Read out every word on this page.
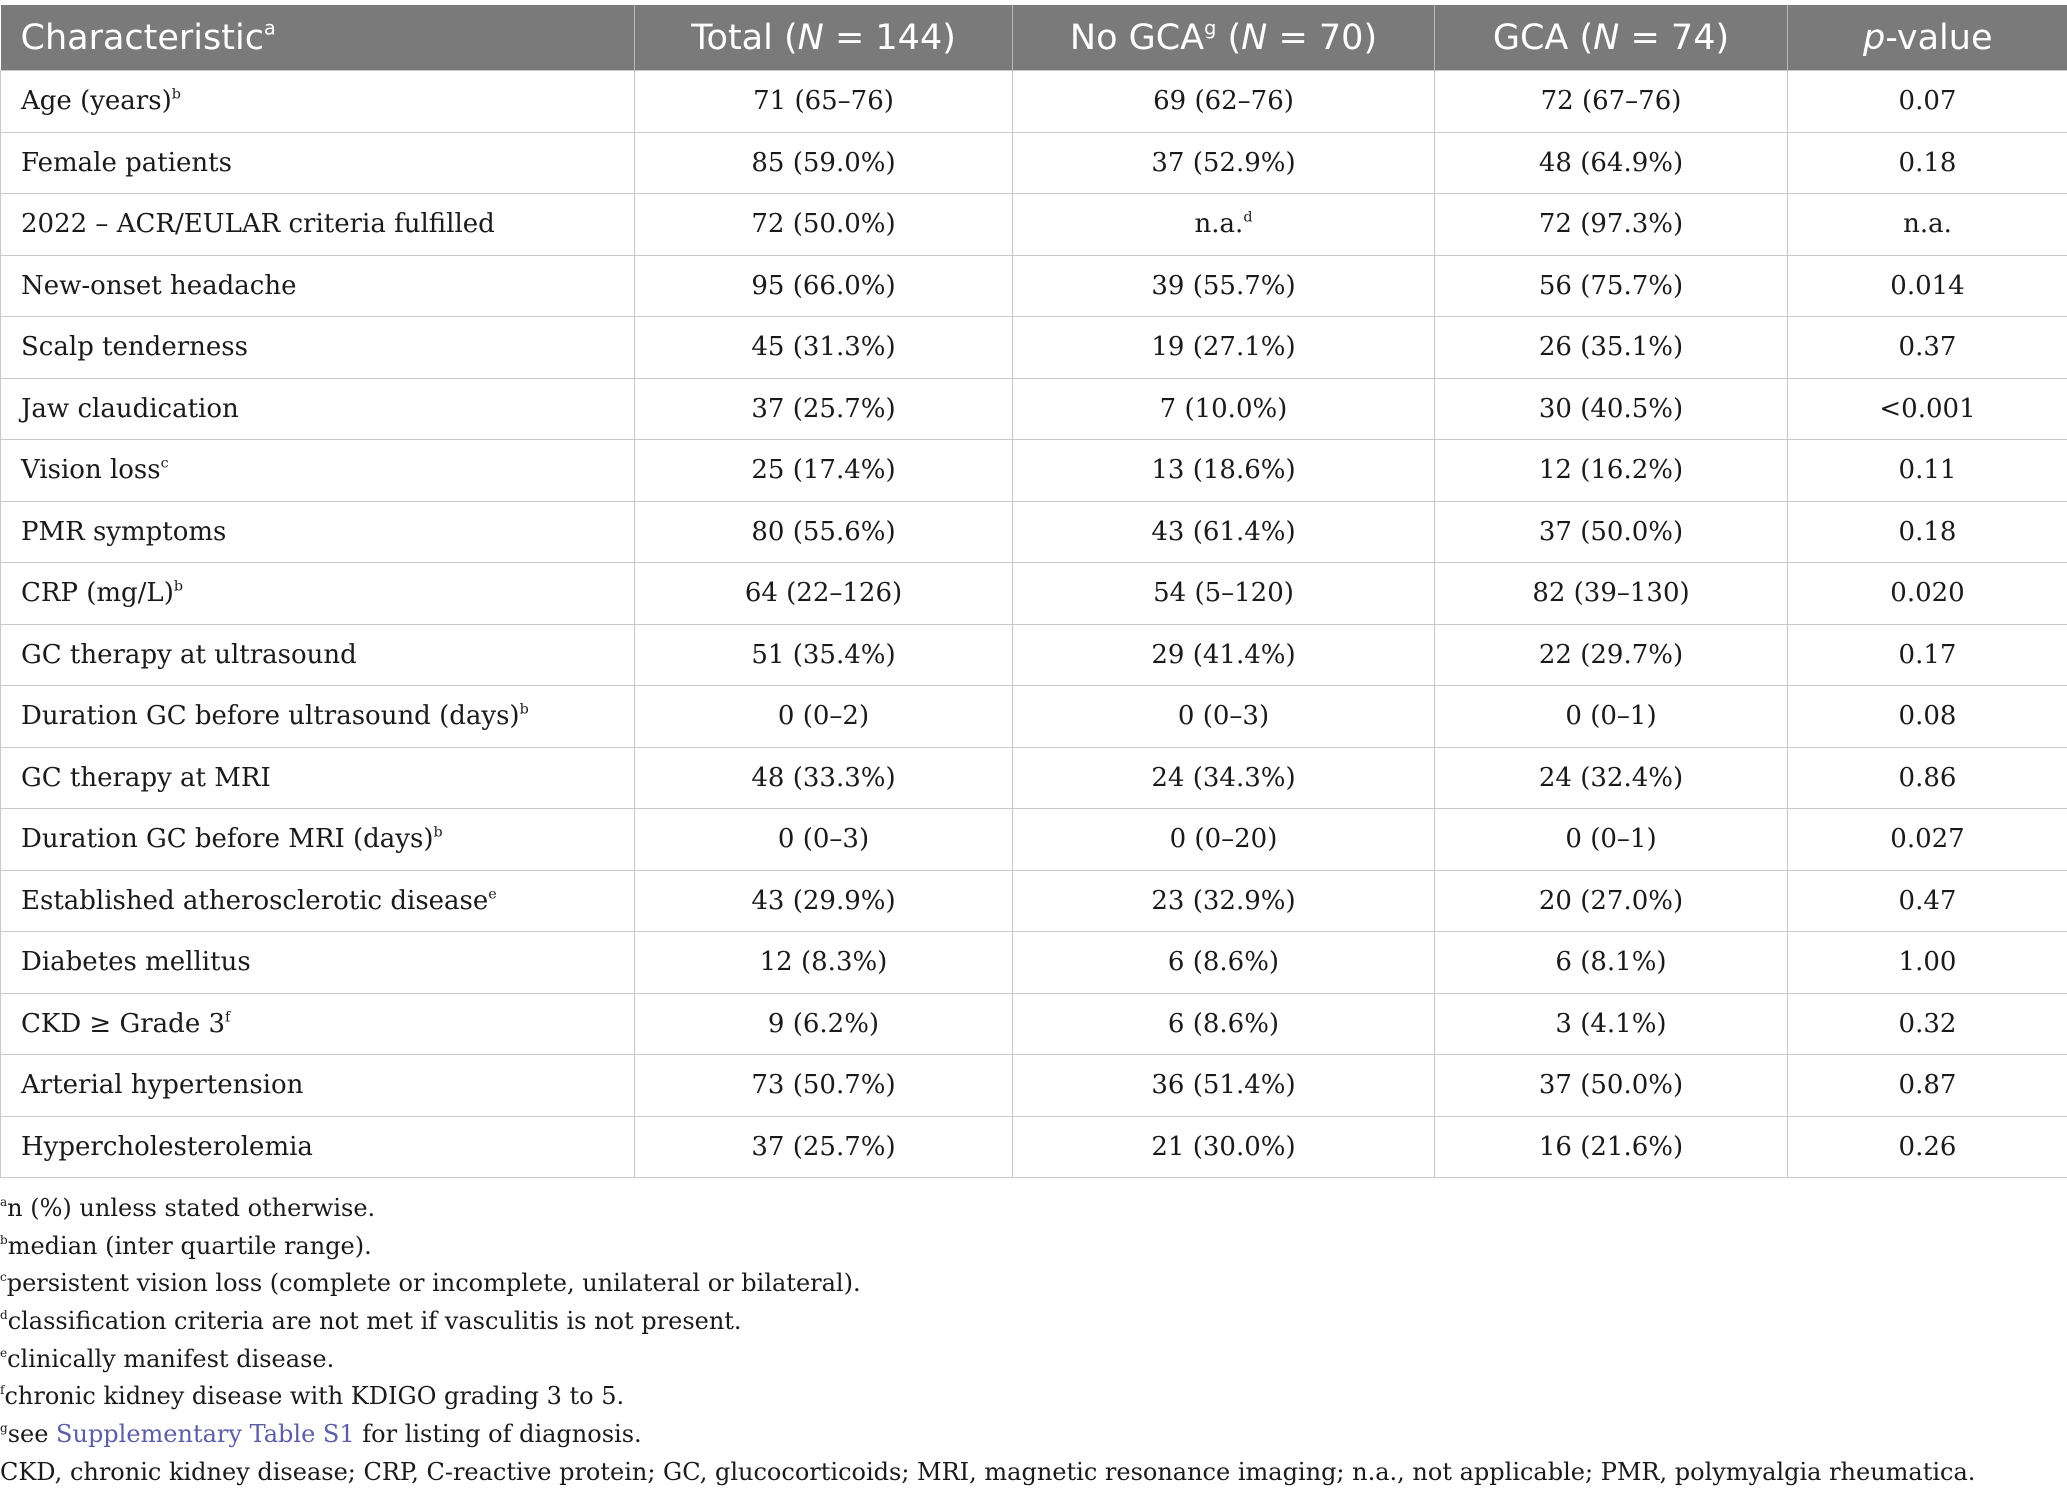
Characteristic$^a$	Total (N = 144)	No GCA$^g$ (N = 70)	GCA (N = 74)	p-value
Age (years)$^b$	71 (65–76)	69 (62–76)	72 (67–76)	0.07
Female patients	85 (59.0%)	37 (52.9%)	48 (64.9%)	0.18
2022 – ACR/EULAR criteria fulfilled	72 (50.0%)	n.a.$^d$	72 (97.3%)	n.a.
New-onset headache	95 (66.0%)	39 (55.7%)	56 (75.7%)	0.014
Scalp tenderness	45 (31.3%)	19 (27.1%)	26 (35.1%)	0.37
Jaw claudication	37 (25.7%)	7 (10.0%)	30 (40.5%)	<0.001
Vision loss$^c$	25 (17.4%)	13 (18.6%)	12 (16.2%)	0.11
PMR symptoms	80 (55.6%)	43 (61.4%)	37 (50.0%)	0.18
CRP $(mg/L)^b$	64 (22–126)	54 (5–120)	82 (39–130)	0.020
GC therapy at ultrasound	51 (35.4%)	29 (41.4%)	22 (29.7%)	0.17
Duration GC before ultrasound (days)$^b$	0 (0–2)	0 (0–3)	0 (0–1)	0.08
GC therapy at MRI	48 (33.3%)	24 (34.3%)	24 (32.4%)	0.86
Duration GC before MRI (days)$^b$	0 (0–3)	0 (0–20)	0 (0–1)	0.027
Established atherosclerotic disease$^e$	43 (29.9%)	23 (32.9%)	20 (27.0%)	0.47
Diabetes mellitus	12 (8.3%)	6 (8.6%)	6 (8.1%)	1.00
CKD ≥ Grade 3$^f$	9 (6.2%)	6 (8.6%)	3 (4.1%)	0.32
Arterial hypertension	73 (50.7%)	36 (51.4%)	37 (50.0%)	0.87
Hypercholesterolemia	37 (25.7%)	21 (30.0%)	16 (21.6%)	0.26
$^a$n (%) unless stated otherwise.
$^b$median (inter quartile range).
$^c$persistent vision loss (complete or incomplete, unilateral or bilateral).
$^d$classification criteria are not met if vasculitis is not present.
$^e$clinically manifest disease.
$^f$chronic kidney disease with KDIGO grading 3 to 5.
$^g$see Supplementary Table S1 for listing of diagnosis.
CKD, chronic kidney disease; CRP, C-reactive protein; GC, glucocorticoids; MRI, magnetic resonance imaging; n.a., not applicable; PMR, polymyalgia rheumatica.
